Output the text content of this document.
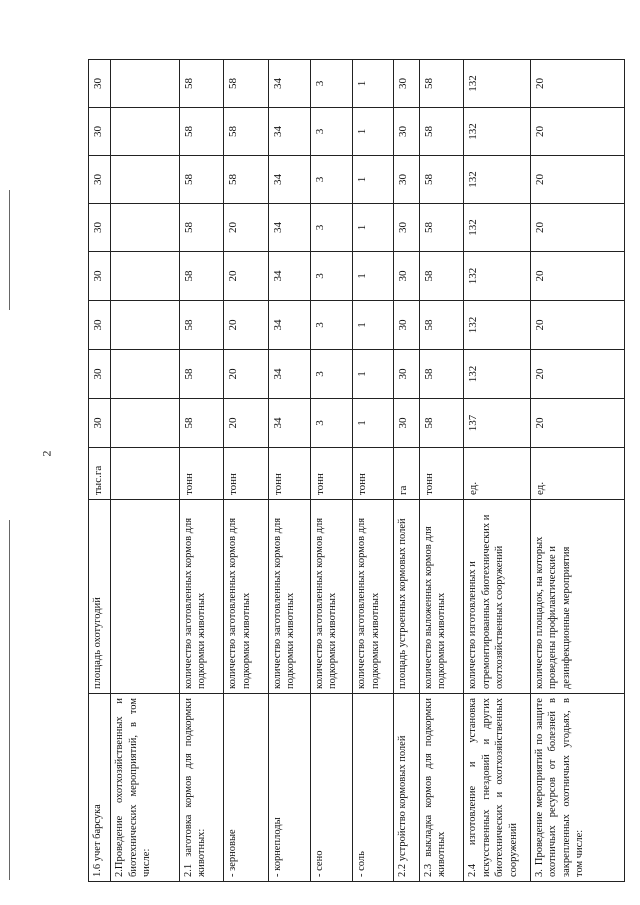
2
1.6 учет барсука	площадь охотугодий	тыс.га	30	30	30	30	30	30	30	30
2.Проведение охотхозяйственных и биотехнических мероприятий, в том числе:										
2.1 заготовка кормов для подкормки животных:	количество заготовленных кормов для подкормки животных	тонн	58	58	58	58	58	58	58	58
- зерновые	количество заготовленных кормов для подкормки животных	тонн	20	20	20	20	20	58	58	58
- корнеплоды	количество заготовленных кормов для подкормки животных	тонн	34	34	34	34	34	34	34	34
- сено	количество заготовленных кормов для подкормки животных	тонн	3	3	3	3	3	3	3	3
- соль	количество заготовленных кормов для подкормки животных	тонн	1	1	1	1	1	1	1	1
2.2 устройство кормовых полей	площадь устроенных кормовых полей	га	30	30	30	30	30	30	30	30
2.3 выкладка кормов для подкормки животных	количество выложенных кормов для подкормки животных	тонн	58	58	58	58	58	58	58	58
2.4 изготовление и установка искусственных гнездовий и других биотехнических и охотхозяйственных сооружений	количество изготовленных и отремонтированных биотехнических и охотхозяйственных сооружений	ед.	137	132	132	132	132	132	132	132
3. Проведение мероприятий по защите охотничьих ресурсов от болезней в закрепленных охотничьих угодьях, в том числе:	количество площадок, на которых проведены профилактические и дезинфекционные мероприятия	ед.	20	20	20	20	20	20	20	20
